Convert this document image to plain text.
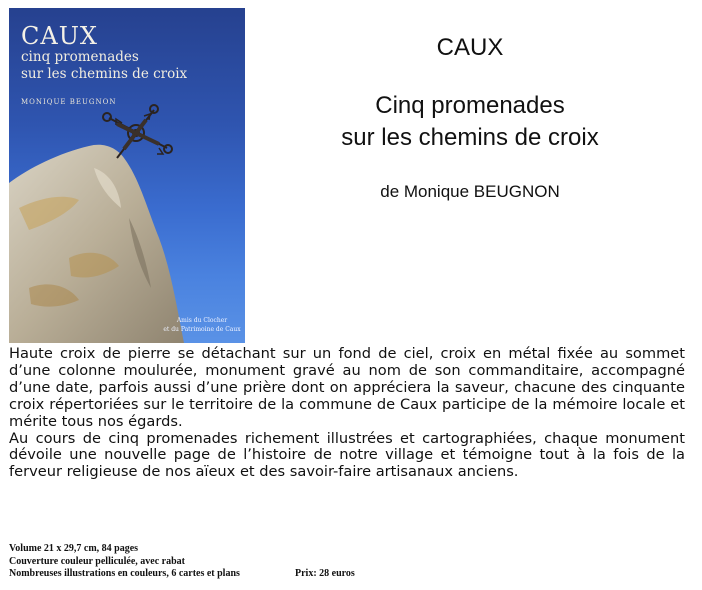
CAUX
cinq promenades
sur les chemins de croix
MONIQUE BEUGNON
Amis du Clocher
et du Patrimoine de Caux
CAUX
Cinq promenades
sur les chemins de croix
de Monique BEUGNON

Haute croix de pierre se détachant sur un fond de ciel, croix en métal fixée au sommet d’une colonne moulurée, monument gravé au nom de son commanditaire, accompagné d’une date, parfois aussi d’une prière dont on appréciera la saveur, chacune des cinquante croix répertoriées sur le territoire de la commune de Caux participe de la mémoire locale et mérite tous nos égards.

Au cours de cinq promenades richement illustrées et cartographiées, chaque monument dévoile une nouvelle page de l’histoire de notre village et témoigne tout à la fois de la ferveur religieuse de nos aïeux et des savoir-faire artisanaux anciens.

Volume 21 x 29,7 cm, 84 pages
Couverture couleur pelliculée, avec rabat
Nombreuses illustrations en couleurs, 6 cartes et plans	Prix: 28 euros
